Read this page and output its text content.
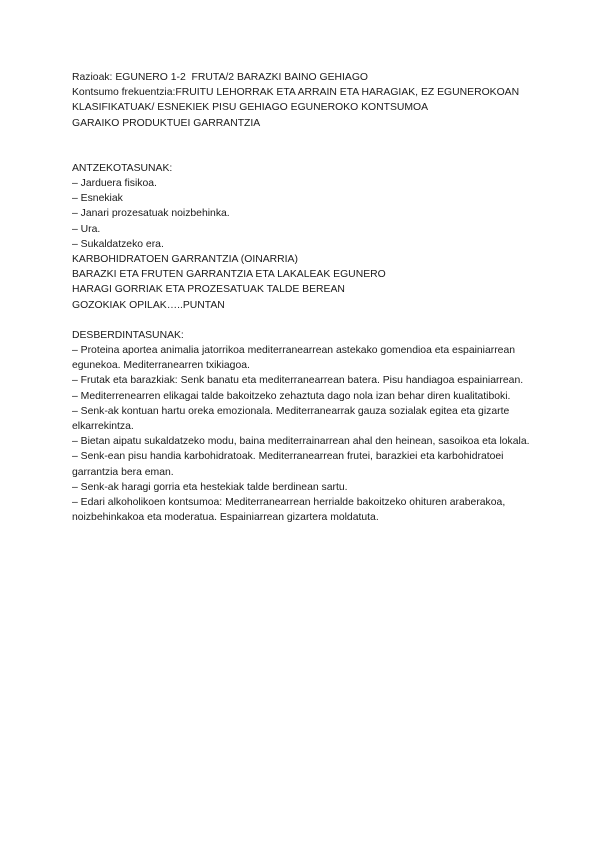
Razioak: EGUNERO 1-2  FRUTA/2 BARAZKI BAINO GEHIAGO
Kontsumo frekuentzia:FRUITU LEHORRAK ETA ARRAIN ETA HARAGIAK, EZ EGUNEROKOAN KLASIFIKATUAK/ ESNEKIEK PISU GEHIAGO EGUNEROKO KONTSUMOA
GARAIKO PRODUKTUEI GARRANTZIA
ANTZEKOTASUNAK:
– Jarduera fisikoa.
– Esnekiak
– Janari prozesatuak noizbehinka.
– Ura.
– Sukaldatzeko era.
KARBOHIDRATOEN GARRANTZIA (OINARRIA)
BARAZKI ETA FRUTEN GARRANTZIA ETA LAKALEAK EGUNERO
HARAGI GORRIAK ETA PROZESATUAK TALDE BEREAN
GOZOKIAK OPILAK…..PUNTAN
DESBERDINTASUNAK:
– Proteina aportea animalia jatorrikoa mediterranearrean astekako gomendioa eta espainiarrean egunekoa. Mediterranearren txikiagoa.
– Frutak eta barazkiak: Senk banatu eta mediterranearrean batera. Pisu handiagoa espainiarrean.
– Mediterrenearren elikagai talde bakoitzeko zehaztuta dago nola izan behar diren kualitatiboki.
– Senk-ak kontuan hartu oreka emozionala. Mediterranearrak gauza sozialak egitea eta gizarte elkarrekintza.
– Bietan aipatu sukaldatzeko modu, baina mediterrainarrean ahal den heinean, sasoikoa eta lokala.
– Senk-ean pisu handia karbohidratoak. Mediterranearrean frutei, barazkiei eta karbohidratoei garrantzia bera eman.
– Senk-ak haragi gorria eta hestekiak talde berdinean sartu.
– Edari alkoholikoen kontsumoa: Mediterranearrean herrialde bakoitzeko ohituren araberakoa, noizbehinkakoa eta moderatua. Espainiarrean gizartera moldatuta.
